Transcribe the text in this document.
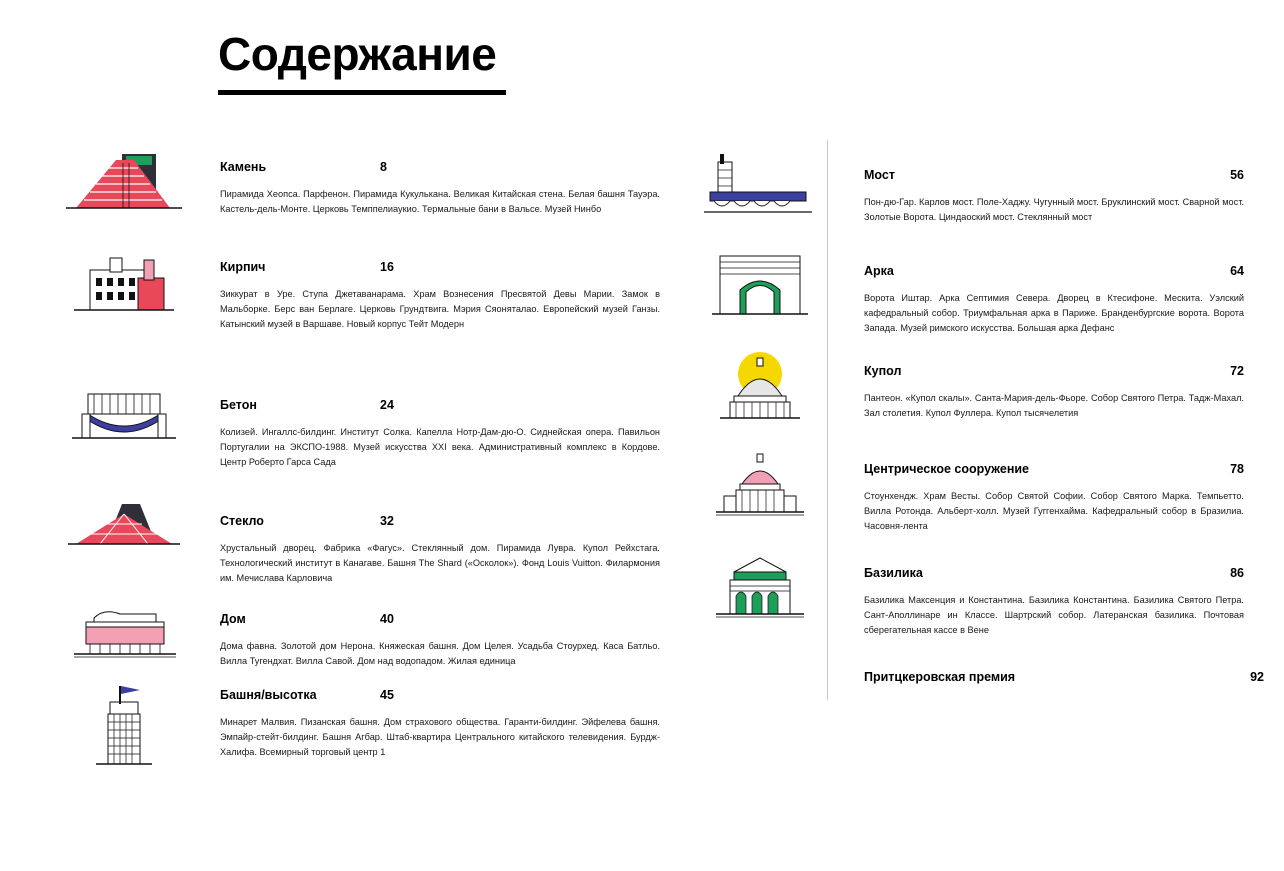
Содержание
Камень	8
Пирамида Хеопса. Парфенон. Пирамида Кукулькана. Великая Китайская стена. Белая башня Тауэра. Кастель-дель-Монте. Церковь Темппелиаукио. Термальные бани в Вальсе. Музей Нинбо
Кирпич	16
Зиккурат в Уре. Ступа Джетаванарама. Храм Вознесения Пресвятой Девы Марии. Замок в Мальборке. Берс ван Берлаге. Церковь Грундтвига. Мэрия Сяоняталао. Европейский музей Ганзы. Катынский музей в Варшаве. Новый корпус Тейт Модерн
Бетон	24
Колизей. Ингаллс-билдинг. Институт Солка. Капелла Нотр-Дам-дю-О. Сиднейская опера. Павильон Португалии на ЭКСПО-1988. Музей искусства XXI века. Административный комплекс в Кордове. Центр Роберто Гарса Сада
Стекло	32
Хрустальный дворец. Фабрика «Фагус». Стеклянный дом. Пирамида Лувра. Купол Рейхстага. Технологический институт в Канагаве. Башня The Shard («Осколок»). Фонд Louis Vuitton. Филармония им. Мечислава Карловича
Дом	40
Дома фавна. Золотой дом Нерона. Княжеская башня. Дом Целея. Усадьба Стоурхед. Каса Батльо. Вилла Тугендхат. Вилла Савой. Дом над водопадом. Жилая единица
Башня/высотка	45
Минарет Малвия. Пизанская башня. Дом страхового общества. Гаранти-билдинг. Эйфелева башня. Эмпайр-стейт-билдинг. Башня Агбар. Штаб-квартира Центрального китайского телевидения. Бурдж-Халифа. Всемирный торговый центр 1
Мост	56
Пон-дю-Гар. Карлов мост. Поле-Хаджу. Чугунный мост. Бруклинский мост. Сварной мост. Золотые Ворота. Циндаоский мост. Стеклянный мост
Арка	64
Ворота Иштар. Арка Септимия Севера. Дворец в Ктесифоне. Мескита. Уэлский кафедральный собор. Триумфальная арка в Париже. Бранденбургские ворота. Ворота Запада. Музей римского искусства. Большая арка Дефанс
Купол	72
Пантеон. «Купол скалы». Санта-Мария-дель-Фьоре. Собор Святого Петра. Тадж-Махал. Зал столетия. Купол Фуллера. Купол тысячелетия
Центрическое сооружение	78
Стоунхендж. Храм Весты. Собор Святой Софии. Собор Святого Марка. Темпьетто. Вилла Ротонда. Альберт-холл. Музей Гуггенхайма. Кафедральный собор в Бразилиа. Часовня-лента
Базилика	86
Базилика Максенция и Константина. Базилика Константина. Базилика Святого Петра. Сант-Аполлинаре ин Классе. Шартрский собор. Латеранская базилика. Почтовая сберегательная кассе в Вене
Притцкеровская премия	92
